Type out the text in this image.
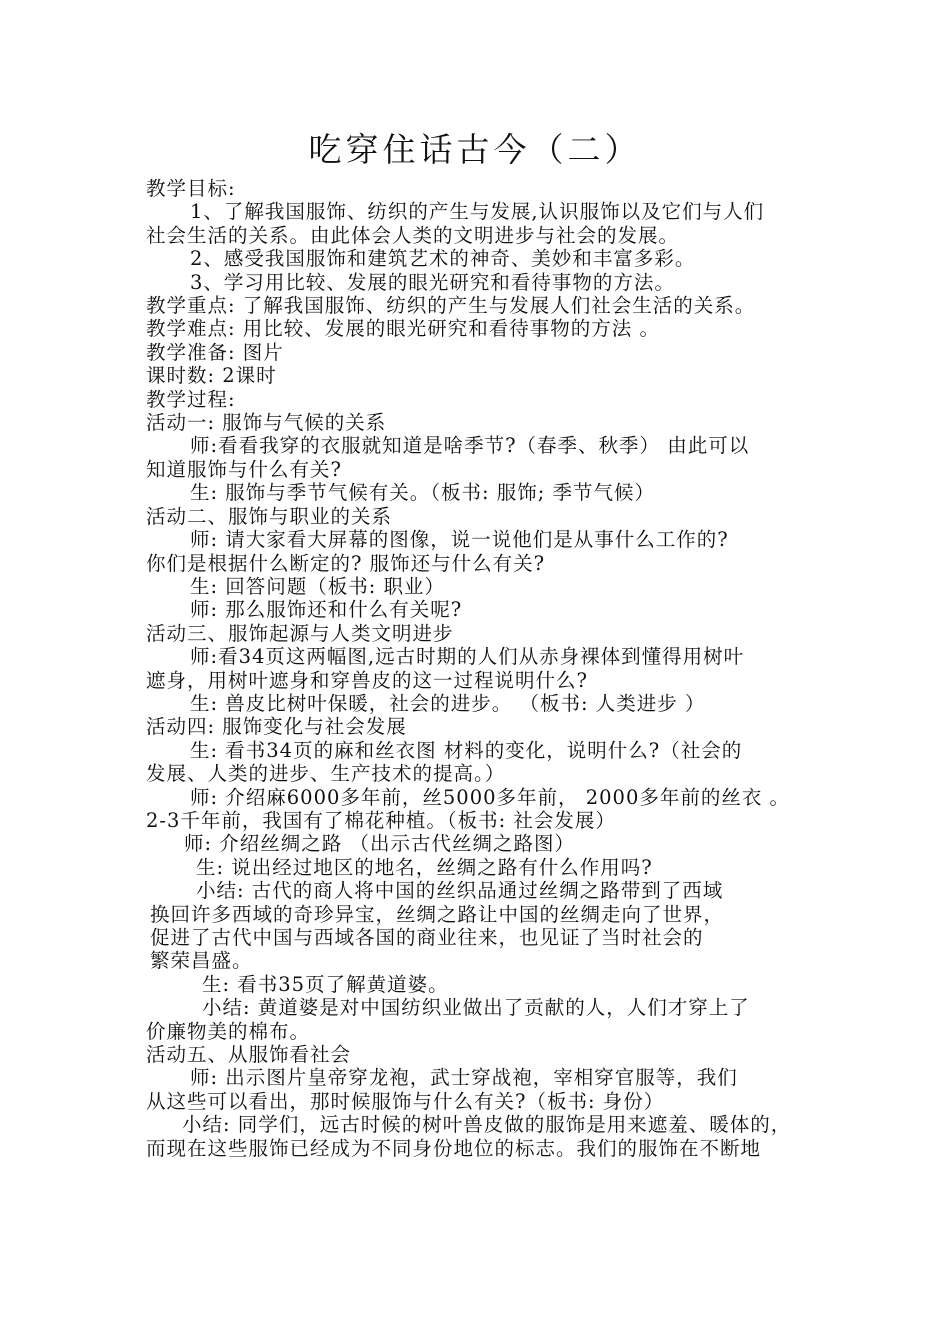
吃穿住话古今（二）
教学目标:
1、了解我国服饰、纺织的产生与发展,认识服饰以及它们与人们
社会生活的关系。由此体会人类的文明进步与社会的发展。
2、感受我国服饰和建筑艺术的神奇、美妙和丰富多彩。
3、学习用比较、发展的眼光研究和看待事物的方法。
教学重点: 了解我国服饰、纺织的产生与发展人们社会生活的关系。
教学难点: 用比较、发展的眼光研究和看待事物的方法 。
教学准备: 图片
课时数: 2课时
教学过程:
活动一: 服饰与气候的关系
师:看看我穿的衣服就知道是啥季节?（春季、秋季） 由此可以
知道服饰与什么有关?
生: 服饰与季节气候有关。（板书: 服饰; 季节气候）
活动二、服饰与职业的关系
师: 请大家看大屏幕的图像，说一说他们是从事什么工作的?
你们是根据什么断定的? 服饰还与什么有关?
生: 回答问题（板书: 职业）
师: 那么服饰还和什么有关呢?
活动三、服饰起源与人类文明进步
师:看34页这两幅图,远古时期的人们从赤身裸体到懂得用树叶
遮身，用树叶遮身和穿兽皮的这一过程说明什么?
生: 兽皮比树叶保暖，社会的进步。 （板书: 人类进步 ）
活动四: 服饰变化与社会发展
生: 看书34页的麻和丝衣图 材料的变化，说明什么?（社会的
发展、人类的进步、生产技术的提高。）
师: 介绍麻6000多年前，丝5000多年前， 2000多年前的丝衣 。
2-3千年前，我国有了棉花种植。（板书: 社会发展）
师: 介绍丝绸之路 （出示古代丝绸之路图）
生: 说出经过地区的地名，丝绸之路有什么作用吗?
小结: 古代的商人将中国的丝织品通过丝绸之路带到了西域
换回许多西域的奇珍异宝，丝绸之路让中国的丝绸走向了世界，
促进了古代中国与西域各国的商业往来，也见证了当时社会的
繁荣昌盛。
生: 看书35页了解黄道婆。
小结: 黄道婆是对中国纺织业做出了贡献的人，人们才穿上了
价廉物美的棉布。
活动五、从服饰看社会
师: 出示图片皇帝穿龙袍，武士穿战袍，宰相穿官服等，我们
从这些可以看出，那时候服饰与什么有关?（板书: 身份）
小结: 同学们，远古时候的树叶兽皮做的服饰是用来遮羞、暖体的，
而现在这些服饰已经成为不同身份地位的标志。我们的服饰在不断地
